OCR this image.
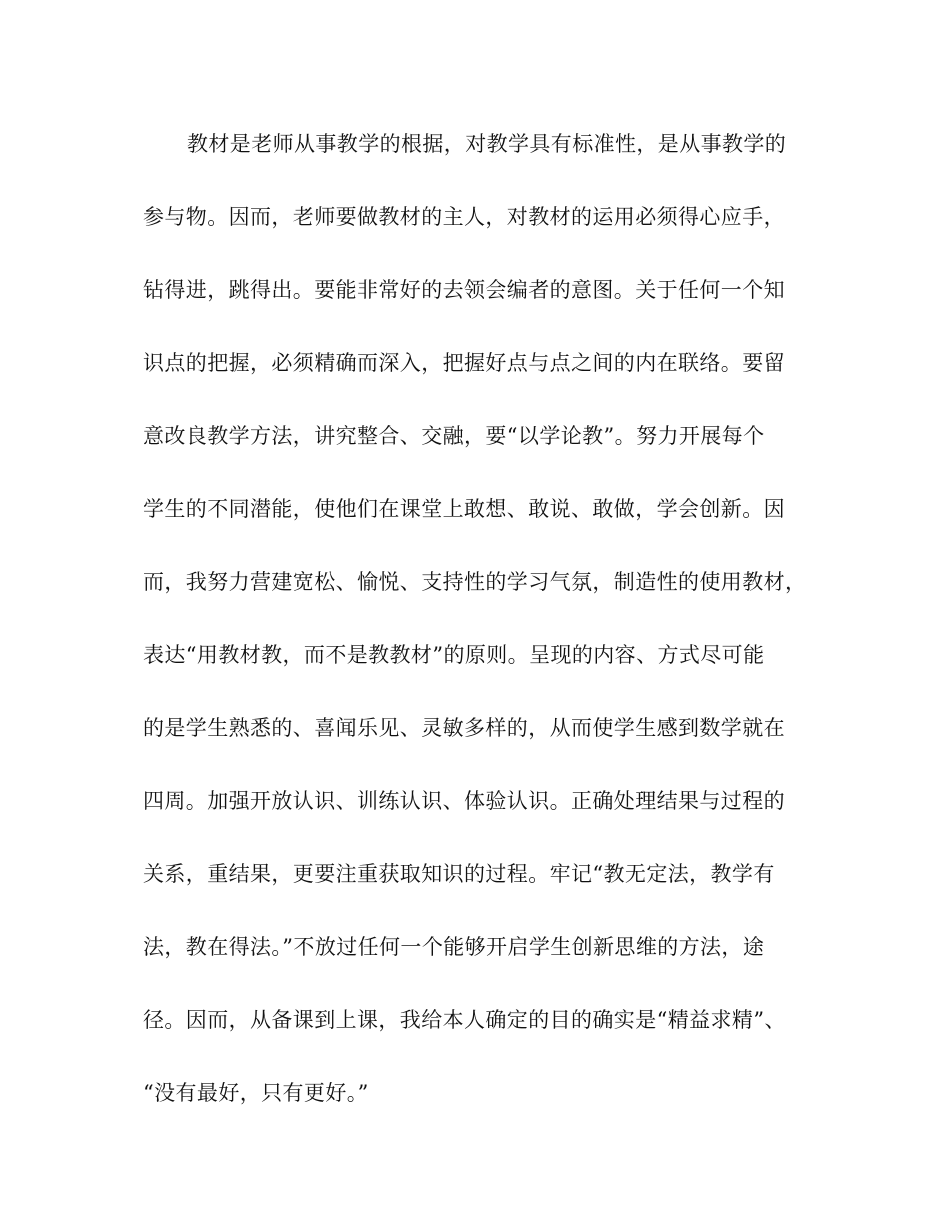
教材是老师从事教学的根据，对教学具有标准性，是从事教学的
参与物。因而，老师要做教材的主人，对教材的运用必须得心应手，
钻得进，跳得出。要能非常好的去领会编者的意图。关于任何一个知
识点的把握，必须精确而深入，把握好点与点之间的内在联络。要留
意改良教学方法，讲究整合、交融，要“以学论教”。努力开展每个
学生的不同潜能，使他们在课堂上敢想、敢说、敢做，学会创新。因
而，我努力营建宽松、愉悦、支持性的学习气氛，制造性的使用教材，
表达“用教材教，而不是教教材”的原则。呈现的内容、方式尽可能
的是学生熟悉的、喜闻乐见、灵敏多样的，从而使学生感到数学就在
四周。加强开放认识、训练认识、体验认识。正确处理结果与过程的
关系，重结果，更要注重获取知识的过程。牢记“教无定法，教学有
法，教在得法。”不放过任何一个能够开启学生创新思维的方法，途
径。因而，从备课到上课，我给本人确定的目的确实是“精益求精”、
“没有最好，只有更好。”
